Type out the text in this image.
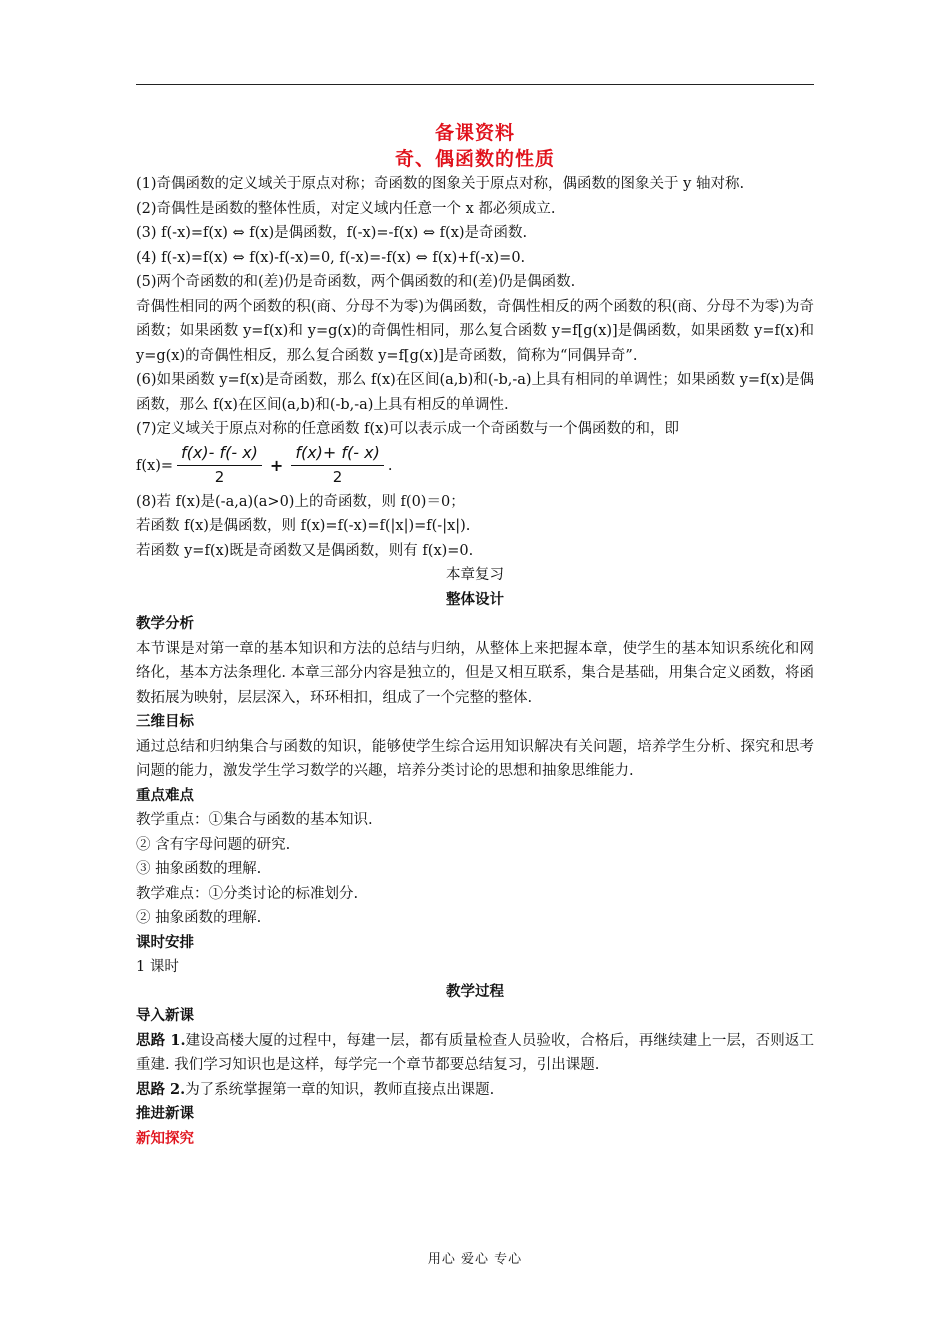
备课资料
奇、偶函数的性质

(1)奇偶函数的定义域关于原点对称；奇函数的图象关于原点对称，偶函数的图象关于 y 轴对称.

(2)奇偶性是函数的整体性质，对定义域内任意一个 x 都必须成立.

(3) f(-x)=f(x) ⇔ f(x)是偶函数，f(-x)=-f(x) ⇔ f(x)是奇函数.

(4) f(-x)=f(x) ⇔ f(x)-f(-x)=0, f(-x)=-f(x) ⇔ f(x)+f(-x)=0.

(5)两个奇函数的和(差)仍是奇函数，两个偶函数的和(差)仍是偶函数.

奇偶性相同的两个函数的积(商、分母不为零)为偶函数，奇偶性相反的两个函数的积(商、分母不为零)为奇函数；如果函数 y=f(x)和 y=g(x)的奇偶性相同，那么复合函数 y=f[g(x)]是偶函数，如果函数 y=f(x)和 y=g(x)的奇偶性相反，那么复合函数 y=f[g(x)]是奇函数，简称为“同偶异奇”.

(6)如果函数 y=f(x)是奇函数，那么 f(x)在区间(a,b)和(-b,-a)上具有相同的单调性；如果函数 y=f(x)是偶函数，那么 f(x)在区间(a,b)和(-b,-a)上具有相反的单调性.

(7)定义域关于原点对称的任意函数 f(x)可以表示成一个奇函数与一个偶函数的和，即

$f(x)= \frac{f(x)- f(- x)}{2} + \frac{f(x)+ f(- x)}{2}$ .

(8)若 f(x)是(-a,a)(a>0)上的奇函数，则 f(0)＝0；

若函数 f(x)是偶函数，则 f(x)=f(-x)=f(|x|)=f(-|x|).

若函数 y=f(x)既是奇函数又是偶函数，则有 f(x)=0.

本章复习

整体设计

教学分析

本节课是对第一章的基本知识和方法的总结与归纳，从整体上来把握本章，使学生的基本知识系统化和网络化，基本方法条理化. 本章三部分内容是独立的，但是又相互联系，集合是基础，用集合定义函数，将函数拓展为映射，层层深入，环环相扣，组成了一个完整的整体.

三维目标

通过总结和归纳集合与函数的知识，能够使学生综合运用知识解决有关问题，培养学生分析、探究和思考问题的能力，激发学生学习数学的兴趣，培养分类讨论的思想和抽象思维能力.

重点难点

教学重点：①集合与函数的基本知识.

② 含有字母问题的研究.

③ 抽象函数的理解.

教学难点：①分类讨论的标准划分.

② 抽象函数的理解.

课时安排

1 课时

教学过程

导入新课

思路 1.建设高楼大厦的过程中，每建一层，都有质量检查人员验收，合格后，再继续建上一层，否则返工重建. 我们学习知识也是这样，每学完一个章节都要总结复习，引出课题.

思路 2.为了系统掌握第一章的知识，教师直接点出课题.

推进新课

新知探究

用心 爱心 专心
